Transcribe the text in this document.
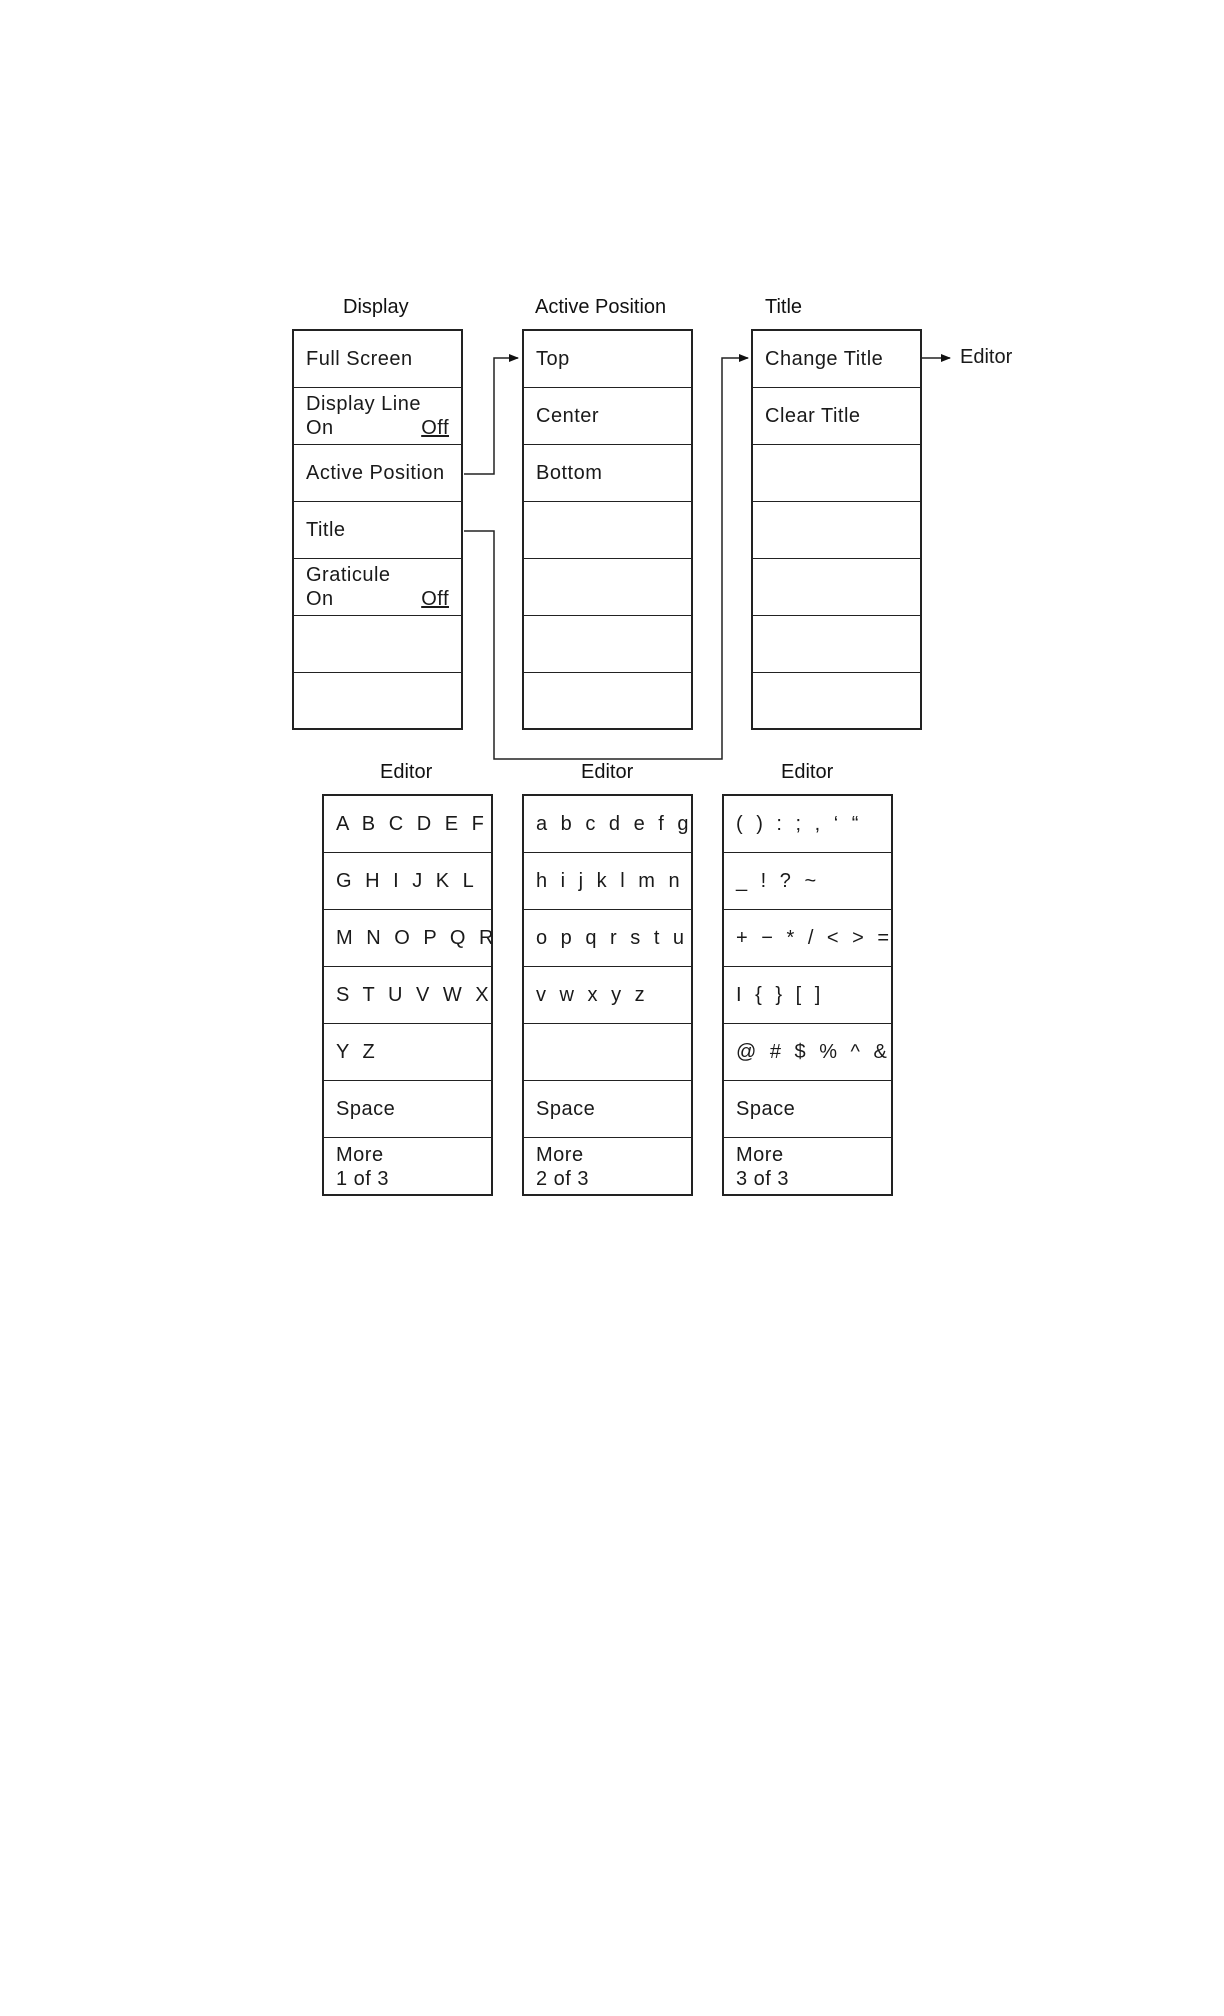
Display
Full Screen
Display Line
On	Off
Active Position
Title
Graticule
On	Off
Active Position
Top
Center
Bottom
Title
Change Title
Clear Title
Editor
Editor
A B C D E F
G H I J K L
M N O P Q R
S T U V W X
Y Z
Space
More
1 of 3
Editor
a b c d e f g
h i j k l m n
o p q r s t u
v w x y z
Space
More
2 of 3
Editor
( ) : ; , ‘ “
_ ! ? ~
+ − * / < > =
I { } [ ]
@ # $ % ^ &
Space
More
3 of 3
